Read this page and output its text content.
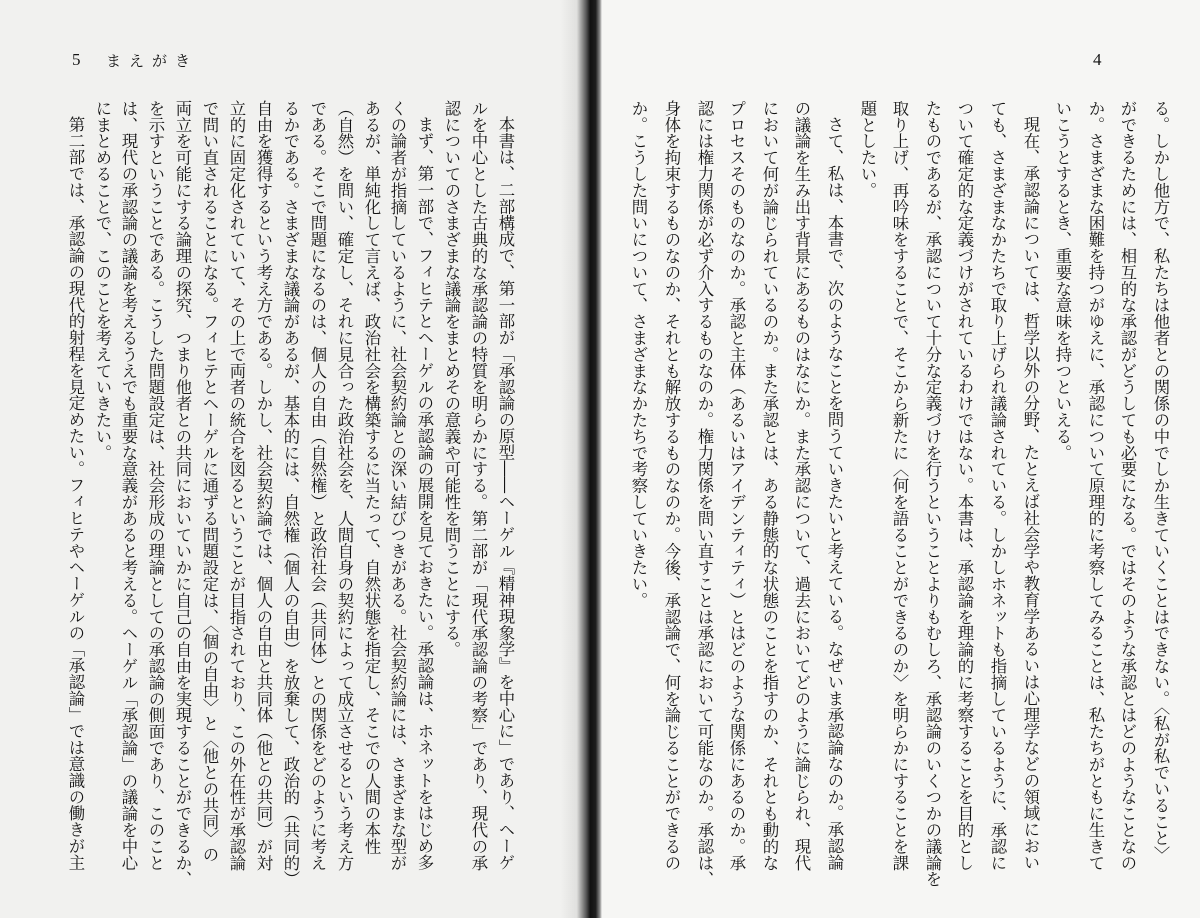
5 まえがき
本書は、二部構成で、第一部が「承認論の原型――ヘーゲル『精神現象学』を中心に」であり、ヘーゲ
ルを中心とした古典的な承認論の特質を明らかにする。第二部が「現代承認論の考察」であり、現代の承
認についてのさまざまな議論をまとめその意義や可能性を問うことにする。
まず、第一部で、フィヒテとヘーゲルの承認論の展開を見ておきたい。承認論は、ホネットをはじめ多
くの論者が指摘しているように、社会契約論との深い結びつきがある。社会契約論には、さまざまな型が
あるが、単純化して言えば、政治社会を構築するに当たって、自然状態を指定し、そこでの人間の本性
（自然）を問い、確定し、それに見合った政治社会を、人間自身の契約によって成立させるという考え方
である。そこで問題になるのは、個人の自由（自然権）と政治社会（共同体）との関係をどのように考え
るかである。さまざまな議論があるが、基本的には、自然権（個人の自由）を放棄して、政治的（共同的）
自由を獲得するという考え方である。しかし、社会契約論では、個人の自由と共同体（他との共同）が対
立的に固定化されていて、その上で両者の統合を図るということが目指されており、この外在性が承認論
で問い直されることになる。フィヒテとヘーゲルに通ずる問題設定は、〈個の自由〉と〈他との共同〉の
両立を可能にする論理の探究、つまり他者との共同においていかに自己の自由を実現することができるか、
を示すということである。こうした問題設定は、社会形成の理論としての承認論の側面であり、このこと
は、現代の承認論の議論を考えるうえでも重要な意義があると考える。ヘーゲル「承認論」の議論を中心
にまとめることで、このことを考えていきたい。
第二部では、承認論の現代的射程を見定めたい。フィヒテやヘーゲルの「承認論」では意識の働きが主
4
る。しかし他方で、私たちは他者との関係の中でしか生きていくことはできない。〈私が私でいること〉
ができるためには、相互的な承認がどうしても必要になる。ではそのような承認とはどのようなことなの
か。さまざまな困難を持つがゆえに、承認について原理的に考察してみることは、私たちがともに生きて
いこうとするとき、重要な意味を持つといえる。
現在、承認論については、哲学以外の分野、たとえば社会学や教育学あるいは心理学などの領域におい
ても、さまざまなかたちで取り上げられ議論されている。しかしホネットも指摘しているように、承認に
ついて確定的な定義づけがされているわけではない。本書は、承認論を理論的に考察することを目的とし
たものであるが、承認について十分な定義づけを行うということよりもむしろ、承認論のいくつかの議論を
取り上げ、再吟味をすることで、そこから新たに〈何を語ることができるのか〉を明らかにすることを課
題としたい。
さて、私は、本書で、次のようなことを問うていきたいと考えている。なぜいま承認論なのか。承認論
の議論を生み出す背景にあるものはなにか。また承認について、過去においてどのように論じられ、現代
において何が論じられているのか。また承認とは、ある静態的な状態のことを指すのか、それとも動的な
プロセスそのものなのか。承認と主体（あるいはアイデンティティ）とはどのような関係にあるのか。承
認には権力関係が必ず介入するものなのか。権力関係を問い直すことは承認において可能なのか。承認は、
身体を拘束するものなのか、それとも解放するものなのか。今後、承認論で、何を論じることができるの
か。こうした問いについて、さまざまなかたちで考察していきたい。
